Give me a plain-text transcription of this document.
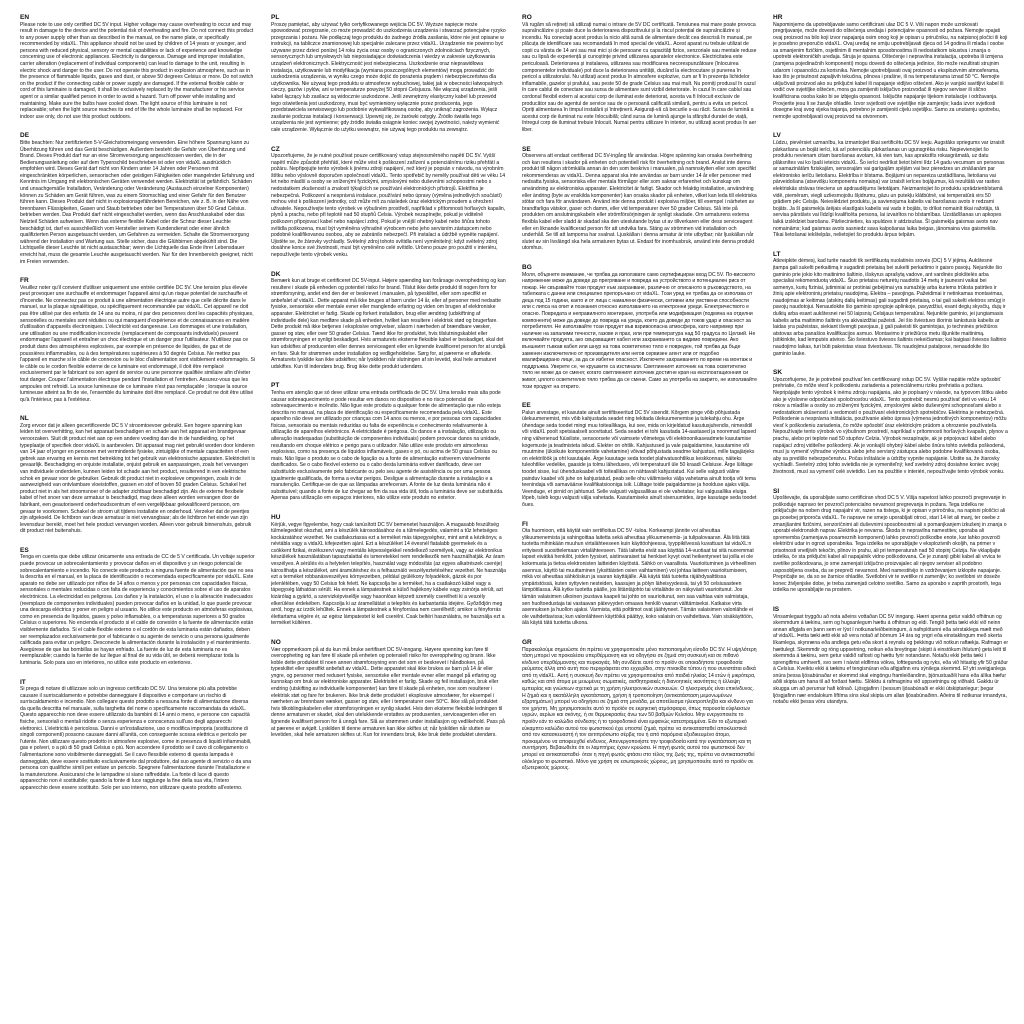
EN

Please note to use only certified DC 5V input. Higher voltage may cause overheating to occur and may result in damage to the device and the potential risk of overheating and fire. Do not connect this product to any power supply other than as described in the manual, on the name plate, or specifically recommended by vidaXL. This appliance should not be used by children of 14 years or younger, and persons with reduced physical, sensory or mental capabilities or lack of experience and knowledge concerning use of electronic appliances. Electricity is dangerous. Damage and improper installation, carrier alteration (replacement of individual components) can lead to damage to the unit, resulting in electric shock and danger to the user. Do not operate this product in explosion atmosphere, such as in the presence of flammable liquids, gases and dust, or above 50 degrees Celsius or more. Do not switch on the product if the connecting cable or power supply are damaged. If the external flexible cable or cord of this luminaire is damaged, it shall be exclusively replaced by the manufacturer or his service agent or a similar qualified person in order to avoid a hazard. Turn off power while installing and maintaining. Make sure the bulbs have cooled down. The light source of this luminaire is not replaceable; when the light source reaches its end of life the whole luminaire shall be replaced. For indoor use only, do not use this product outdoors.

DE

Bitte beachten: Nur zertifizierten 5-V-Gleichstromeingang verwenden. Eine höhere Spannung kann zu Überhitzung führen und das Gerät beschädigen. Außerdem besteht die Gefahr von Überhitzung und Brand. Dieses Produkt darf nur an eine Stromversorgung angeschlossen werden, die in der Bedienungsanleitung oder auf dem Typenschild beschrieben ist oder von vidaXL ausdrücklich empfohlen wird. Dieses Gerät darf nicht von Kindern unter 14 Jahren oder Personen mit eingeschränkten körperlichen, sensorischen oder geistigen Fähigkeiten oder mangelnder Erfahrung und Kenntnis im Umgang mit elektronischen Geräten verwendet werden. Elektrizität ist gefährlich. Schäden und unsachgemäße Installation, Veränderung oder Veränderung (Austausch einzelner Komponenten) können zu Schäden am Gerät führen, was zu einem Stromschlag und einer Gefahr für den Benutzer führen kann. Dieses Produkt darf nicht in explosionsgefährdeten Bereichen, wie z. B. in der Nähe von brennbaren Flüssigkeiten, Gasen und Staub betrieben oder bei Temperaturen über 50 Grad Celsius. betrieben werden. Das Produkt darf nicht eingeschaltet werden, wenn das Anschlusskabel oder das Netzteil Schäden aufweisen. Wenn das externe flexible Kabel oder die Schnur dieser Leuchte beschädigt ist, darf es ausschließlich vom Hersteller seinem Kundendienst oder einer ähnlich qualifizierten Person ausgetauscht werden, um Gefahren zu vermeiden. Schalte die Stromversorgung während der Installation und Wartung aus. Stelle sicher, dass die Glühbirnen abgekühlt sind. Die Lichtquelle dieser Leuchte ist nicht austauschbar; wenn die Lichtquelle das Ende ihrer Lebensdauer erreicht hat, muss die gesamte Leuchte ausgetauscht werden. Nur für den Innenbereich geeignet, nicht im Freien verwenden.

FR

Veuillez noter qu'il convient d'utiliser uniquement une entrée certifiée DC 5V. Une tension plus élevée peut provoquer une surchauffe et endommager l'appareil ainsi qu'un risque potentiel de surchauffe et d'incendie. Ne connectez pas ce produit à une alimentation électrique autre que celle décrite dans le manuel, sur la plaque signalétique, ou spécifiquement recommandée par vidaXL. Cet appareil ne doit pas être utilisé par des enfants de 14 ans ou moins, ni par des personnes dont les capacités physiques, sensorielles ou mentales sont réduites ou qui manquent d'expérience et de connaissances en matière d'utilisation d'appareils électroniques. L'électricité est dangereuse. Les dommages et une installation, une utilisation ou une modification incorrecte (remplacement de composants individuels) peuvent endommager l'appareil et entraîner un choc électrique et un danger pour l'utilisateur. N'utilisez pas ce produit dans des atmosphères explosives, par exemple en présence de liquides, de gaz et de poussières inflammables, ou à des températures supérieures à 50 degrés Celsius. Ne mettez pas l'appareil en marche si le câble de connexion ou le bloc d'alimentation sont visiblement endommagés. Si le câble ou le cordon flexible externe de ce luminaire est endommagé, il doit être remplacé exclusivement par le fabricant ou son agent de service ou une personne qualifiée similaire afin d'éviter tout danger. Coupez l'alimentation électrique pendant l'installation et l'entretien. Assurez-vous que les ampoules ont refroidi. La source lumineuse de ce luminaire n'est pas remplaçable ; lorsque la source lumineuse atteint sa fin de vie, l'ensemble du luminaire doit être remplacé. Ce produit ne doit être utilisé qu'à l'intérieur, pas à l'extérieur.

NL

Zorg ervoor dat je alleen gecertificeerde DC 5 V stroomtoevoer gebruikt. Een hogere spanning kan leiden tot oververhitting, kan het apparaat beschadigen en schade aan het apparaat en brandgevaar veroorzaken. Sluit dit product niet aan op een andere voeding dan die in de handleiding, op het typeplaatje of specifiek door vidaXL is aanbevolen. Dit apparaat mag niet gebruikt worden door kinderen van 14 jaar of jonger en personen met verminderde fysieke, zintuiglijke of mentale capaciteiten of een gebrek aan ervaring en kennis met betrekking tot het gebruik van elektronische apparaten. Elektriciteit is gevaarlijk. Beschadiging en onjuiste installatie, onjuist gebruik en aanpassingen, zoals het vervangen van individuele onderdelen, kunnen leiden tot schade aan het product, resulterend in een elektrische schok en gevaar voor de gebruiker. Gebruik dit product niet in explosieve omgevingen, zoals in de aanwezigheid van ontvlambare vloeistoffen, gassen en stof of boven 50 graden Celsius. Schakel het product niet in als het stroomsnoer of de adapter zichtbaar beschadigd zijn. Als de externe flexibele kabel of het snoer van deze armatuur is beschadigd, mag deze alleen worden vervangen door de fabrikant, een geautoriseerd onderhoudscentrum of een vergelijkbaar gekwalificeerd persoon, om gevaar te voorkomen. Schakel de stroom uit tijdens installatie en onderhoud. Verzeker dat de peertjes zijn afgekoeld. De lichtbron van deze armatuur is niet vervangbaar; als de lichtbron het einde van zijn levensduur bereikt, moet het hele product vervangen worden. Alleen voor gebruik binnenshuis, gebruik dit product niet buitenshuis.

ES

Tenga en cuenta que debe utilizar únicamente una entrada de CC de 5 V certificada. Un voltaje superior puede provocar un sobrecalentamiento y provocar daños en el dispositivo y un riesgo potencial de sobrecalentamiento e incendio. No conecte este producto a ninguna fuente de alimentación que no sea la descrita en el manual, en la placa de identificación o recomendada específicamente por vidaXL. Este aparato no debe ser utilizado por niños de 14 años o menos y por personas con capacidades físicas, sensoriales o mentales reducidas o con falta de experiencia y conocimientos sobre el uso de aparatos electrónicos. La electricidad es peligrosa. Los daños y la instalación, el uso o la alteración inadecuados (reemplazo de componentes individuales) pueden provocar daños en la unidad, lo que puede provocar una descarga eléctrica y poner en peligro al usuario. No utilice este producto en atmósferas explosivas, como en presencia de líquidos, gases y polvo inflamables, o a temperaturas superiores a 50 grados Celsius o superiores. No encienda el producto si el cable de conexión o la fuente de alimentación están visiblemente dañados. Si el cable flexible externo o el cordón de esta luminaria están dañados, deben ser reemplazados exclusivamente por el fabricante o su agente de servicio o una persona igualmente calificada para evitar un peligro. Desconecte la alimentación durante la instalación y el mantenimiento. Asegúrese de que las bombillas se hayan enfriado. La fuente de luz de esta luminaria no es reemplazable; cuando la fuente de luz llegue al final de su vida útil, se deberá reemplazar toda la luminaria. Solo para uso en interiores, no utilice este producto en exteriores.

IT

Si prega di notare di utilizzare solo un ingresso certificato DC 5V. Una tensione più alta potrebbe causare il surriscaldamento e potrebbe danneggiare il dispositivo e comportare un rischio di surriscaldamento e incendio. Non collegare questo prodotto a nessuna fonte di alimentazione diversa da quella descritta nel manuale, sulla targhetta del nome o specificamente raccomandata da vidaXL. Questo apparecchio non deve essere utilizzato da bambini di 14 anni o meno, e persone con capacità fisiche, sensoriali o mentali ridotte o senza esperienza e conoscenza sull'uso degli apparecchi elettronici. L'elettricità è pericolosa. Danni e un'installazione, uso o modifica impropria (sostituzione di singoli componenti) possono causare danni all'unità, con conseguente scossa elettrica e pericolo per l'utente. Non utilizzare questo prodotto in atmosfere esplosive, come in presenza di liquidi infiammabili, gas e polveri, o a più di 50 gradi Celsius o più. Non accendere il prodotto se il cavo di collegamento o l'alimentazione sono visibilmente danneggiati. Se il cavo flessibile esterno di questa lampada è danneggiato, deve essere sostituito esclusivamente dal produttore, dal suo agente di servizio o da una persona con qualifiche simili per evitare un pericolo. Spegnere l'alimentazione durante l'installazione e la manutenzione. Assicurarsi che le lampadine si siano raffreddate. La fonte di luce di questo apparecchio non è sostituibile; quando la fonte di luce raggiunge la fine della sua vita, l'intero apparecchio deve essere sostituito. Solo per uso interno, non utilizzare questo prodotto all'esterno.

PL

Proszę pamiętać, aby używać tylko certyfikowanego wejścia DC 5V. Wyższe napięcie może spowodować przegrzanie, co może prowadzić do uszkodzenia urządzenia i stwarzać potencjalne ryzyko przegrzania i pożaru. Nie podłączaj tego produktu do żadnego źródła zasilania, które nie jest opisane w instrukcji, na tabliczce znamionowej lub specjalnie zalecane przez vidaXL. Urządzenie nie powinno być używane przez dzieci poniżej 14 roku życia oraz osoby o ograniczonych zdolnościach fizycznych, sensorycznych lub umysłowych lub nieposiadające doświadczenia i wiedzy w zakresie użytkowania urządzeń elektronicznych. Elektryczność jest niebezpieczna. Uszkodzenie oraz nieprawidłowa instalacja, użytkowanie lub modyfikacja (wymiana poszczególnych elementów) mogą prowadzić do uszkodzenia urządzenia, w wyniku czego może dojść do porażenia prądem i niebezpieczeństwa dla użytkownika. Nie używaj tego produktu w atmosferze wybuchowej, takiej jak w obecności łatwopalnych cieczy, gazów i pyłów, ani w temperaturze powyżej 50 stopni Celsjusza. Nie włączaj urządzenia, jeśli kabel łączący lub zasilacz są widocznie uszkodzone. Jeśli zewnętrzny elastyczny kabel lub przewód tego oświetlenia jest uszkodzony, musi być wymieniony wyłącznie przez producenta, jego przedstawiciela serwisowego lub podobnie wykwalifikowaną osobę, aby uniknąć zagrożenia. Wyłącz zasilanie podczas instalacji i konserwacji. Upewnij się, że żarówki ostygły. Źródło światła tego urządzenia nie jest wymienne; gdy źródło światła osiągnie koniec swojej żywotności, należy wymienić całe urządzenie. Wyłącznie do użytku wewnątrz, nie używaj tego produktu na zewnątrz.

CZ

Upozorňujeme, že je nutné používat pouze certifikovaný vstup stejnosměrného napětí DC 5V. Vyšší napětí může způsobit přehřátí, které může vést k poškození zařízení a potenciálnímu riziku přehřátí a požáru. Nepřipojujte tento výrobek k jinému zdroji napájení, než který je popsán v návodu, na výrobním štítku nebo výslovně doporučen společností vidaXL. Tento spotřebič by neměly používat děti ve věku 14 let nebo mladší a osoby se sníženými fyzickými, smyslovými nebo duševními schopnostmi nebo s nedostatkem zkušeností a znalostí týkajících se používání elektronických přístrojů. Elektřina je nebezpečná. Poškození a nesprávná instalace, používání nebo úpravy (výměna jednotlivých součástí) mohou vést k poškození jednotky, což může mít za následek úraz elektrickým proudem a ohrožení uživatele. Nepoužívejte tento výrobek ve výbušném prostředí, například v přítomnosti hořlavých kapalin, plynů a prachu, nebo při teplotě nad 50 stupňů Celsia. Výrobek nezapínejte, pokud je viditelně poškozen připojovací kabel nebo napájecí zdroj. Pokud je vnější ohebný kabel nebo šňůra tohoto svítidla poškozena, musí být vyměněna výhradně výrobcem nebo jeho servisním zástupcem nebo podobně kvalifikovanou osobou, aby se zabránilo nebezpečí. Při instalaci a údržbě vypněte napájení. Ujistěte se, že žárovky vychladly. Světelný zdroj tohoto svítidla není vyměnitelný; když světelný zdroj dosáhne konce své životnosti, musí být vyměněno celé svítidlo. Určeno pouze pro použití v interiéru, nepoužívejte tento výrobek venku.

DK

Bemærk kun at bruge et certificeret DC 5V-input. Højere spænding kan forårsage overophedning og kan resultere i skade på enheden og potentiel risiko for brand. Tilslut ikke dette produkt til nogen form for strømforsyning, andet end den der er beskrevet i manualen, på typeskiltet, eller som specifikt er anbefalet af vidaXL. Dette apparat må ikke bruges af børn under 14 år, eller af personer med nedsatte fysiske, sensoriske eller mentale evner eller manglende erfaring og viden om brugen af elektroniske apparater. Elektricitet er farlig. Skade og forkert installation, brug eller ændring (udskiftning af individuelle dele) kan medføre skade på enheden, hvilket kan resultere i elektrisk stød og brugerfare. Dette produkt må ikke betjenes i eksplosive omgivelser, såsom i nærheden af brændbare væsker, gasser og støv, eller over 50 grader Celsius. Tænd ikke for produktet, hvis tilslutningskablet eller strømforsyningen er synligt beskadiget. Hvis armaturets eksterne fleksible kabel er beskadiget, skal det kun udskiftes af producenten eller dennes serviceagent eller en lignende kvalificeret person for at undgå en fare. Sluk for strømmen under installation og vedligeholdelse. Sørg for, at pærerne er afkølede. Armaturets lyskilde kan ikke udskiftes; når lyskilden når slutningen af sin levetid, skal hele armaturet udskiftes. Kun til indendørs brug. Brug ikke dette produkt udendørs.

PT

Tenha em atenção que só deve utilizar uma entrada certificada de DC 5V. Uma tensão mais alta pode causar sobreaquecimento e pode resultar em danos no dispositivo e no risco potencial de sobreaquecimento e incêndio. Não ligue este produto a qualquer fonte de alimentação que não esteja descrita no manual, na placa de identificação ou especificamente recomendada pela vidaXL. Este aparelho não deve ser utilizado por crianças com 14 anos ou menos, e por pessoas com capacidades físicas, sensoriais ou mentais reduzidas ou falta de experiência e conhecimento relativamente à utilização de aparelhos eletrónicos. A eletricidade é perigosa. Os danos e a instalação, utilização ou alteração inadequadas (substituição de componentes individuais) podem provocar danos na unidade, resultando em choque elétrico e perigo para o utilizador. Não utilize este produto em atmosferas explosivas, como na presença de líquidos inflamáveis, gases e pó, ou acima de 50 graus Celsius ou mais. Não ligue o produto se o cabo de ligação ou a fonte de alimentação estiverem visivelmente danificados. Se o cabo flexível externo ou o cabo desta luminária estiver danificado, deve ser substituído exclusivamente pelo fabricante ou pelo seu agente de assistência ou por uma pessoa igualmente qualificada, de forma a evitar perigos. Desligue a alimentação durante a instalação e a manutenção. Certifique-se de que as lâmpadas arrefeceram. A fonte de luz desta luminária não é substituível; quando a fonte de luz chegar ao fim da sua vida útil, toda a luminária deve ser substituída. Apenas para utilização em espaços interiores, não utilize este produto no exterior.

HU

Kérjük, vegye figyelembe, hogy csak tanúsított DC 5V bemenetet használjon. A magasabb feszültség túlmelegedést okozhat, ami a készülék károsodásához és a túlmelegedés, valamint a tűz lehetséges kockázatához vezethet. Ne csatlakoztassa ezt a terméket más tápegységhez, mint amit a kézikönyv, a névtábla vagy a vidaXL kifejezetten ajánl. Ezt a készüléket 14 évesnél fiatalabb gyermekek és a csökkent fizikai, érzékszervi vagy mentális képességekkel rendelkező személyek, vagy az elektronikus készülékek használatában tapasztalattal és ismeretekkel nem rendelkezők nem használhatják. Az áram veszélyes. A sérülés és a helytelen telepítés, használat vagy módosítás (az egyes alkatrészek cseréje) károsíthatja a készüléket, ami áramütéshez és a felhasználó veszélyeztetéséhez vezethet. Ne használja ezt a terméket robbanásveszélyes környezetben, például gyúlékony folyadékok, gázok és por jelenlétében, vagy 50 Celsius fok felett. Ne kapcsolja be a terméket, ha a csatlakozó kábel vagy a tápegység láthatóan sérült. Ha ennek a lámpatestnek a külső hajlékony kábele vagy zsinórja sérült, azt kizárólag a gyártó, a szervizképviselője vagy hasonlóan képzett személy cserélheti ki a veszély elkerülése érdekében. Kapcsolja ki az áramellátást a telepítés és karbantartás idejére. Győződjön meg arról, hogy az izzók lehűltek. Ennek a lámpatestnek a fényforrása nem cserélhető; amikor a fényforrás élettartama végére ér, az egész lámpatestet ki kell cserélni. Csak beltéri használatra, ne használja ezt a terméket kültéren.

NO

Vær oppmerksom på at du kun må bruke sertifisert DC 5V-inngang. Høyere spenning kan føre til overoppheting og kan føre til skade på enheten og potensiell risiko for overoppheting og brann. Ikke koble dette produktet til noen annen strømforsyning enn det som er beskrevet i håndboken, på typeskiltet eller spesifikt anbefalt av vidaXL. Dette apparatet skal ikke brukes av barn på 14 år eller yngre, og personer med redusert fysiske, sensoriske eller mentale evner eller mangel på erfaring og kunnskap om bruk av elektroniske apparater. Elektrisitet er farlig. Skade og feil installasjon, bruk eller endring (utskifting av individuelle komponenter) kan føre til skade på enheten, noe som resulterer i elektrisk støt og fare for brukeren. Ikke bruk dette produktet i eksplosive atmosfærer, for eksempel i nærheten av brennbare væsker, gasser og støv, eller i temperaturer over 50°C. Ikke slå på produktet hvis tilkoblingskabelen eller strømforsyningen er synlig skadet. Hvis den eksterne fleksible ledningen til denne armaturen er skadet, skal den utelukkende erstattes av produsenten, serviceagenten eller en lignende kvalifisert person for å unngå fare. Slå av strømmen under installasjon og vedlikehold. Pass på at pærene er avkjølt. Lyskilden til denne armaturen kan ikke skiftes ut; når lyskilden når slutten av levetiden, skal hele armaturen skiftes ut. Kun for innendørs bruk, ikke bruk dette produktet utendørs.

RO

Vă rugăm să rețineți să utilizați numai o intrare de 5V DC certificată. Tensiunea mai mare poate provoca supraîncălzire și poate duce la deteriorarea dispozitivului și la riscul potențial de supraîncălzire și incendiu. Nu conectați acest produs la nicio altă sursă de alimentare decât cea descrisă în manual, pe plăcuța de identificare sau recomandată în mod special de vidaXL. Acest aparat nu trebuie utilizat de copii cu vârsta de 14 ani sau mai mici și de persoane cu capacități fizice, senzoriale sau mentale reduse sau cu lipsă de experiență și cunoștințe privind utilizarea aparatelor electronice. Electricitatea este periculoasă. Deteriorarea și instalarea, utilizarea sau modificarea necorespunzătoare (înlocuirea componentelor individuale) pot duce la deteriorarea unității, ducând la electrocutare și punerea în pericol a utilizatorului. Nu utilizați acest produs în atmosfere explozive, cum ar fi în prezența lichidelor inflamabile, gazelor și prafului, sau peste 50 de grade Celsius sau mai mult. Nu porniți produsul în cazul în care cablul de conectare sau sursa de alimentare sunt vizibil deteriorate. În cazul în care cablul sau cordonul flexibil extern al acestui corp de iluminat este deteriorat, acesta va fi înlocuit exclusiv de producător sau de agentul de service sau de o persoană calificată similară, pentru a evita un pericol. Opriți alimentarea în timpul instalării și întreținerii. Asigurați-vă că becurile s-au răcit. Sursa de lumină a acestui corp de iluminat nu este înlocuibilă; când sursa de lumină ajunge la sfârșitul duratei de viață, întregul corp de iluminat trebuie înlocuit. Numai pentru utilizare în interior, nu utilizați acest produs în aer liber.

SE

Observera att endast certifierad DC 5V-ingång får användas. Högre spänning kan orsaka överhettning och kan resultera i skador på enheten och potentiell risk för överhettning och brand. Anslut inte denna produkt till någon strömkälla annan än den som beskrivs i manualen, på namnskylten eller som specifikt rekommenderas av vidaXL. Denna apparat ska inte användas av barn under 14 år eller personer med nedsatta fysiska, sensoriska eller mentala förmågor eller som saknar erfarenhet och kunskap om användning av elektroniska apparater. Elektricitet är farligt. Skador och felaktig installation, användning eller ändring (byte av enskilda komponenter) kan orsaka skador på enheten, vilket kan leda till elektriska stötar och fara för användaren. Använd inte denna produkt i explosiva miljöer, till exempel i närheten av brandfarliga vätskor, gaser och damm, eller vid temperaturer över 50 grader Celsius. Slå inte på produkten om anslutningskabeln eller strömförsörjningen är synligt skadade. Om armaturens externa flexibla kabel eller sladd är skadad ska den uteslutande bytas ut av tillverkaren eller dess serviceagent eller en liknande kvalificerad person för att undvika fara. Stäng av strömmen vid installation och underhåll. Se till att lamporna har svalnat. Ljuskällan i denna armatur är inte utbytbar; när ljuskällan når slutet av sin livslängd ska hela armaturen bytas ut. Endast för inomhusbruk, använd inte denna produkt utomhus.

BG

Моля, обърнете внимание, че трябва да използвате само сертифициран вход DC 5V. По-високото напрежение може да доведе до прегряване и повреда на устройството и потенциален риск от пожар. Не свързвайте този продукт към захранване, различно от описаното в ръководството, на табелката с данни или специално препоръчано от vidaXL. Този уред не трябва да се използва от деца под 15 години, както и от лица с намалени физически, сетивни или умствени способности или с липса на опит и познания относно използването на електронни уреди. Електричеството е опасно. Повредата и неправилното монтиране, употреба или модификация (подмяна на отделни компоненти) може да доведе до повреда на уреда, което да доведе до токов удар и опасност за потребителя. Не използвайте този продукт във взривоопасна атмосфера, като например при наличие на запалими течности, газове и прах, или при температура над 50 градуса по Целзий. Не включвайте продукта, ако свързващият кабел или захранването са видимо повредени. Ако външният гъвкав кабел или шнур на това осветително тяло е повреден, той трябва да бъде заменен изключително от производителя или негов сервизен агент или от подобно квалифицирано лице, за да се избегне опасност. Изключете захранването по време на монтаж и поддръжка. Уверете се, че крушките са изстинали. Светлинният източник на това осветително тяло не може да се сменя; когато светлинният източник достигне края на експлоатационния си живот, цялото осветително тяло трябва да се смени. Само за употреба на закрито, не използвайте този продукт на открито.

EE

Palun arvestage, et kasutate ainult sertifitseeritud DC 5V sisendit. Kõrgem pinge võib põhjustada ülekuumenemist, mis võib kahjustada seadet ning tekitada ülekuumenemise ja tulekahju ohu. Ärge ühendage seda toodet mingi muu toiteallikaga, kui see, mida on kirjeldatud kasutusjuhendis, nimesildil või vidaXL poolt spetsiaalselt soovitatud. Seda seadet ei tohi kasutada 14-aastased ja nooremad lapsed ning vähenenud füüsiliste, sensoorsete või vaimsete võimetega või elektroonikaseadmete kasutamise kogemuste ja teadmisteta isikud. Elekter on ohtlik. Kahjustused ja vale paigaldamine, kasutamine või muutmine (üksikute komponentide vahetamine) võivad põhjustada seadme kahjustusi, mille tagajärjeks on elektrilöök ja oht kasutajale. Ärge kasutage seda toodet plahvatusohtlikus keskkonnas, näiteks tuleohtlike vedelike, gaaside ja tolmu läheduses, või temperatuuril üle 50 kraadi Celsiuse. Ärge lülitage toodet sisse, kui ühenduskaabel või toiteallikas on nähtavalt kahjustatud. Kui selle valgusti väline painduv kaabel või juhe on kahjustatud, peab selle ohu vältimiseks välja vahetama ainult tootja või tema teenindaja või samaväärse kvalifikatsiooniga isik. Lülitage toide paigaldamise ja hoolduse ajaks välja. Veenduge, et pirnid on jahtunud. Selle valgusti valgusallikas ei ole vahetatav; kui valgusallika eluiga lõpeb, tuleb kogu valgusti välja vahetada. Kasutamiseks ainult siseruumides, ärge kasutage seda toodet õues.

FI

Ota huomioon, että käytät vain sertifioitua DC 5V -tuloa. Korkeampi jännite voi aiheuttaa ylikuumenemista ja vahingoittaa laitetta sekä aiheuttaa ylikuumenemis- ja tulipalovaaran. Älä liitä tätä tuotetta mihinkään muuhun virtalähteeseen kuin käyttöohjeessa, tyyppikilvessä kuvattuun tai vidaXL:n erityisesti suosittelemaan virtalähteeseen. Tätä laitetta eivät saa käyttää 14-vuotiaat tai sitä nuoremmat lapset eivätkä henkilöt, joiden fyysiset, aistinvaraiset tai henkiset kyvyt ovat heikentyneet tai joilla ei ole kokemusta ja tietoa elektronisten laitteiden käytöstä. Sähkö on vaarallista. Vaurioituminen ja virheellinen asennus, käyttö tai muuttaminen (yksittäisten osien vaihtaminen) voi johtaa laitteen vaurioitumiseen, mikä voi aiheuttaa sähköiskun ja vaaran käyttäjälle. Älä käytä tätä tuotetta räjähdysalttiissa ympäristössä, kuten syttyvien nesteiden, kaasujen ja pölyn läheisyydessä, tai yli 50 celsiusasteen lämpötilassa. Älä kytke tuotetta päälle, jos liitäntäjohto tai virtalähde on näkyvästi vaurioitunut. Jos tämän valaisimen ulkoinen joustava kaapeli tai johto on vaurioitunut, sen saa vaihtaa vain valmistaja, sen huoltoedustaja tai vastaavan pätevyyden omaava henkilö vaaran välttämiseksi. Katkaise virta asennuksen ja huollon ajaksi. Varmista, että polttimot ovat jäähtyneet. Tämän valaisimen valonlähde ei ole vaihdettavissa; kun valonlähteen käyttöikä päättyy, koko valaisin on vaihdettava. Vain sisäkäyttöön, älä käytä tätä tuotetta ulkona.

GR

Παρακαλούμε σημειώστε ότι πρέπει να χρησιμοποιείτε μόνο πιστοποιημένη είσοδο DC 5V. Η υψηλότερη τάση μπορεί να προκαλέσει υπερθέρμανση και να οδηγήσει σε ζημιά στη συσκευή και σε πιθανό κίνδυνο υπερθέρμανσης και πυρκαγιάς. Μη συνδέετε αυτό το προϊόν σε οποιαδήποτε τροφοδοσία ρεύματος άλλη από αυτή που περιγράφεται στο εγχειρίδιο, στην πινακίδα τύπου ή που συνιστάται ειδικά από τη vidaXL. Αυτή η συσκευή δεν πρέπει να χρησιμοποιείται από παιδιά ηλικίας 14 ετών ή μικρότερα, καθώς και από άτομα με μειωμένες σωματικές, αισθητηριακές ή διανοητικές ικανότητες ή έλλειψη εμπειρίας και γνώσεων σχετικά με τη χρήση ηλεκτρονικών συσκευών. Ο ηλεκτρισμός είναι επικίνδυνος. Η ζημιά και η ακατάλληλη εγκατάσταση, χρήση ή τροποποίηση (αντικατάσταση μεμονωμένων εξαρτημάτων) μπορεί να οδηγήσει σε ζημιά στη μονάδα, με αποτέλεσμα ηλεκτροπληξία και κίνδυνο για τον χρήστη. Μη χρησιμοποιείτε αυτό το προϊόν σε εκρηκτική ατμόσφαιρα, όπως παρουσία εύφλεκτων υγρών, αερίων και σκόνης, ή σε θερμοκρασίες άνω των 50 βαθμών Κελσίου. Μην ενεργοποιείτε το προϊόν εάν το καλώδιο σύνδεσης ή το τροφοδοτικό είναι εμφανώς κατεστραμμένα. Εάν το εξωτερικό εύκαμπτο καλώδιο αυτού του φωτιστικού έχει υποστεί ζημιά, πρέπει να αντικατασταθεί αποκλειστικά από τον κατασκευαστή ή τον αντιπρόσωπο σέρβις του ή από παρόμοια εξειδικευμένο άτομο, προκειμένου να αποφευχθεί κίνδυνος. Απενεργοποιήστε την τροφοδοσία κατά την εγκατάσταση και τη συντήρηση. Βεβαιωθείτε ότι οι λαμπτήρες έχουν κρυώσει. Η πηγή φωτός αυτού του φωτιστικού δεν μπορεί να αντικατασταθεί· όταν η πηγή φωτός φτάσει στο τέλος της ζωής της, πρέπει να αντικατασταθεί ολόκληρο το φωτιστικό. Μόνο για χρήση σε εσωτερικούς χώρους, μη χρησιμοποιείτε αυτό το προϊόν σε εξωτερικούς χώρους.

HR

Napominjemo da upotrebljavate samo certificirani ulaz DC 5 V. Viši napon može uzrokovati pregrijavanje, može dovesti do oštećenja uređaja i potencijalne opasnosti od požara. Nemojte spajati ovaj proizvod na bilo koji izvor napajanja osim onog koji je opisan u priručniku, na natpisnoj pločici ili koji je posebno preporučio vidaXL. Ovaj uređaj ne smiju upotrebljavati djeca od 14 godina ili mlađa i osobe sa smanjenim fizičkim, osjetilnim ili mentalnim sposobnostima ili nedostatkom iskustva i znanja o upotrebi elektroničkih uređaja. Struja je opasna. Oštećenje i nepravilna instalacija, upotreba ili izmjena (zamjena pojedinačnih komponenti) mogu dovesti do oštećenja jedinice, što može rezultirati strujnim udarom i opasnošću za korisnika. Nemojte upotrebljavati ovaj proizvod u eksplozivnim atmosferama, kao što je prisutnost zapaljivih tekućina, plinova i prašine, ili na temperaturama iznad 50 °C. Nemojte uključivati proizvod ako su priključni kabel ili napajanje vidljivo oštećeni. Ako je vanjski savitljivi kabel ili vodič ove svjetiljke oštećen, mora ga zamijeniti isključivo proizvođač ili njegov serviser ili slično kvalificirana osoba kako bi se izbjegla opasnost. Isključite napajanje tijekom instalacije i održavanja. Provjerite jesu li se žarulje ohladile. Izvor svjetlosti ove svjetiljke nije zamjenjiv; kada izvor svjetlosti dosegne kraj svog vijeka trajanja, potrebno je zamijeniti cijelu svjetiljku. Samo za unutarnju upotrebu, nemojte upotrebljavati ovaj proizvod na otvorenom.

LV

Lūdzu, pievērsiet uzmanību, ka izmantojiet tikai sertificētu DC 5V ieeju. Augstāks spriegums var izraisīt pārkaršanu un bojāt ierīci, kā arī potenciālu pārkaršanas un ugunsgrēka risku. Nepievienojiet šo produktu nevienam citam barošanas avotam, kā vien tam, kas aprakstīts rokasgrāmatā, uz datu plāksnītes vai ko īpaši ieteicis vidaXL. Šo ierīci nedrīkst lietot bērni līdz 14 gadu vecumam un personas ar samazinātām fiziskajām, sensorajām vai garīgajām spējām vai bez pieredzes un zināšanām par elektronisko ierīču lietošanu. Elektrība ir bīstama. Bojājumi un nepareiza uzstādīšana, lietošana vai pārveidošana (atsevišķu komponentu nomaiņa) var izraisīt ierīces bojājumus, kā rezultātā var rasties elektriskās strāvas trieciens un apdraudējums lietotājam. Neizmantojiet šo produktu sprādzienbīstamā vidē, piemēram, viegli uzliesmojošu šķidrumu, gāzu un putekļu klātbūtnē, vai temperatūrā virs 50 grādiem pēc Celsija. Neieslēdziet produktu, ja savienojuma kabelis vai barošanas avots ir redzami bojāts. Ja šī gaismekļa ārējais elastīgais kabelis vai vads ir bojāts, to drīkst nomainīt tikai ražotājs, tā servisa pārstāvis vai līdzīgi kvalificēta persona, lai izvairītos no bīstamības. Uzstādīšanas un apkopes laikā izslēdziet barošanu. Pārliecinieties, ka spuldzes ir atdzisušas. Šī gaismekļa gaismas avots nav nomaināms; kad gaismas avots sasniedz sava kalpošanas laika beigas, jānomaina viss gaismeklis. Tikai lietošanai iekštelpās, nelietojiet šo produktu ārpus telpām.

LT

Atkreipkite dėmesį, kad turite naudoti tik sertifikuotą nuolatinės srovės (DC) 5 V įėjimą. Aukštesnė įtampa gali sukelti perkaitimą ir sugadinti prietaisą bei sukelti perkaitimo ir gaisro pavojų. Nejunkite šio gaminio prie jokio kito maitinimo šaltinio, išskyrus aprašytą vadove, ant vardinės plokštelės arba specialiai rekomenduotą vidaXL. Šiuo prietaisu neturėtų naudotis 14 metų ir jaunesni vaikai bei asmenys, kurių fiziniai, jutiminiai ar protiniai gebėjimai yra sumažėję arba kuriems trūksta patirties ir žinių apie elektroninių prietaisų naudojimą. Elektra – pavojinga. Pažeidimai ir netinkamas montavimas, naudojimas ar keitimas (atskirų dalių keitimas) gali sugadinti prietaisą, o tai gali sukelti elektros smūgį ir pavojų naudotojui. Nenaudokite šio gaminio sprogioje aplinkoje, pavyzdžiui, esant degių skysčių, dujų ir dulkių arba esant aukštesnei nei 50 laipsnių Celsijaus temperatūrai. Nejunkite gaminio, jei jungiamasis kabelis arba maitinimo šaltinis yra akivaizdžiai pažeisti. Jei šio šviestuvo išorinis lankstusis kabelis ar laidas yra pažeistas, siekiant išvengti pavojaus, jį gali pakeisti tik gamintojas, jo techninės priežiūros atstovas arba panašios kvalifikacijos asmuo. Montavimo ir priežiūros metu išjunkite maitinimą. Įsitikinkite, kad lemputės atvėso. Šio šviestuvo šviesos šaltinis nekeičiamas; kai baigiasi šviesos šaltinio naudojimo laikas, turi būti pakeistas visas šviestuvas. Tik naudojimui patalpose, nenaudokite šio gaminio lauke.

SK

Upozorňujeme, že je potrebné používať len certifikovaný vstup DC 5V. Vyššie napätie môže spôsobiť prehriatie, čo môže viesť k poškodeniu zariadenia a potenciálnemu riziku prehriatia a požiaru. Nepripájajte tento výrobok k inému zdroju napájania, ako je popísaný v návode, na typovom štítku alebo ako je výslovne odporúčané spoločnosťou vidaXL. Tento spotrebič nesmú používať deti vo veku 14 rokov a mladšie a osoby so zníženými fyzickými, zmyslovými alebo duševnými schopnosťami alebo s nedostatkom skúseností a vedomostí o používaní elektronických spotrebičov. Elektrina je nebezpečná. Poškodenie a nesprávna inštalácia, používanie alebo úprava (výmena jednotlivých komponentov) môžu viesť k poškodeniu zariadenia, čo môže spôsobiť úraz elektrickým prúdom a ohrozenie používateľa. Nepoužívajte tento výrobok vo výbušnom prostredí, napríklad v prítomnosti horľavých kvapalín, plynov a prachu, alebo pri teplote nad 50 stupňov Celzia. Výrobok nezapínajte, ak je pripojovací kábel alebo napájací zdroj viditeľne poškodený. Ak je vonkajší ohybný kábel alebo šnúra tohto svietidla poškodená, musí ju vymeniť výhradne výrobca alebo jeho servisný zástupca alebo podobne kvalifikovaná osoba, aby sa predišlo nebezpečenstvu. Počas inštalácie a údržby vypnite napájanie. Uistite sa, že žiarovky vychladli. Svetelný zdroj tohto svietidla nie je vymeniteľný; keď svetelný zdroj dosiahne koniec svojej životnosti, musí sa vymeniť celé svietidlo. Len na použitie v interiéri, nepoužívajte tento výrobok vonku.

SI

Upoštevajte, da uporabljate samo certificiran vhod DC 5 V. Višja napetost lahko povzroči pregrevanje in poškoduje napravo ter povzroči potencialno nevarnost pregrevanja in požara. Tega izdelka ne priključujte na noben drug napajalni vir, razen na tistega, ki je opisan v priročniku, na napisni ploščici ali ga posebej priporoča vidaXL. Te naprave ne smejo uporabljati otroci, stari 14 let ali manj, ter osebe z zmanjšanimi fizičnimi, senzoričnimi ali duševnimi sposobnostmi ali s pomanjkanjem izkušenj in znanja o uporabi elektronskih naprav. Elektrika je nevarna. Škoda in nepravilna namestitev, uporaba ali sprememba (zamenjava posameznih komponent) lahko povzroči poškodbe enote, kar lahko povzroči električni udar in ogrozi uporabnika. Tega izdelka ne uporabljajte v eksplozivnih okoljih, na primer v prisotnosti vnetljivih tekočin, plinov in prahu, ali pri temperaturah nad 50 stopinj Celzija. Ne vklapljajte izdelka, če sta priključni kabel ali napajalnik vidno poškodovana. Če je zunanji gibki kabel ali vrvica te svetilke poškodovana, jo sme zamenjati izključno proizvajalec ali njegov serviser ali podobno usposobljena oseba, da se prepreči nevarnost. Med namestitvijo in vzdrževanjem izklopite napajanje. Prepričajte se, da so se žarnice ohladile. Svetlobni vir te svetilke ni zamenljiv; ko svetlobni vir doseže konec življenjske dobe, je treba zamenjati celotno svetilko. Samo za uporabo v zaprtih prostorih, tega izdelka ne uporabljajte na prostem.

IS

Vinsamlegast tryggðu að nota aðeins vottaðan DC 5V inngang. Hærri spenna getur valdið ofhitnun og skemmdum á tækinu, sem og hugsanlegum hættu á ofhitnun og eldi. Tengið þetta tæki ekki við neinn annan aflgjafa en þann sem er lýst í notkunarleiðbeiningum, á nafnplötunni eða sérstaklega mælt með af vidaXL. Þetta tæki ætti ekki að vera notað af börnum 14 ára og yngri eða einstaklingum með skerta líkamlega, skynræna eða andlega getu eða skort á reynslu og þekkingu við notkun raftækja. Rafmagn er hættulegt. Skemmdir og röng uppsetning, notkun eða breytingar (skipti á einstökum íhlutum) geta leitt til skemmda á tækinu, sem getur valdið raflosti og hættu fyrir notandann. Notaðu ekki þetta tæki í sprengifimu umhverfi, svo sem í návist eldfimra vökva, lofttegunda og ryks, eða við hitastig yfir 50 gráður á Celsíus. Kveiktu ekki á tækinu ef tengisnúran eða aflgjafinn eru sýnilega skemmd. Ef ytri sveigjanlega snúra þessa ljósabúnaðar er skemmd skal eingöngu framleiðandinn, þjónustuaðili hans eða álíka hæfur aðili skipta um hana til að forðast hættu. Slökktu á rafmagninu við uppsetningu og viðhald. Gakktu úr skugga um að perurnar hafi kólnað. Ljósgjafinn í þessum ljósabúnaði er ekki útskiptanlegur; þegar ljósgjafinn nær endalokum líftíma síns skal skipta um allan ljósabúnaðinn. Aðeins til notkunar innandyra, notaðu ekki þessa vöru utandyra.
